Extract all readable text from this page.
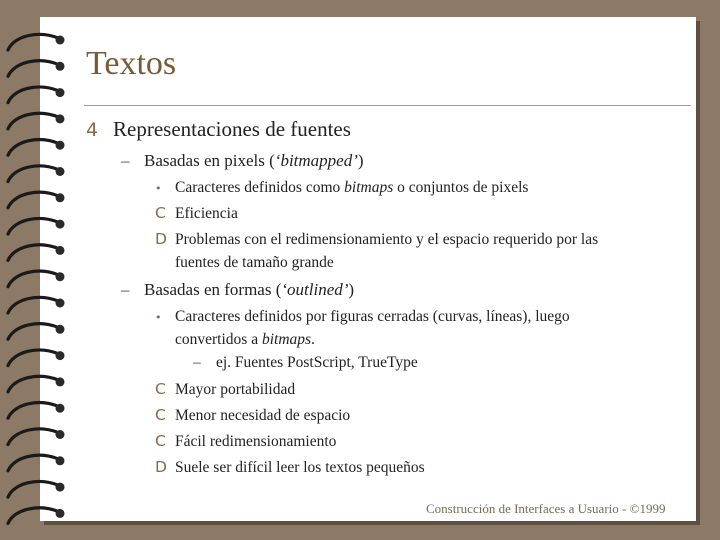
Textos
4 Representaciones de fuentes
– Basadas en pixels (‘bitmapped’)
• Caracteres definidos como bitmaps o conjuntos de pixels
C Eficiencia
D Problemas con el redimensionamiento y el espacio requerido por las
fuentes de tamaño grande
– Basadas en formas (‘outlined’)
• Caracteres definidos por figuras cerradas (curvas, líneas), luego
convertidos a bitmaps.
– ej. Fuentes PostScript, TrueType
C Mayor portabilidad
C Menor necesidad de espacio
C Fácil redimensionamiento
D Suele ser difícil leer los textos pequeños
Construcción de Interfaces a Usuario - ©1999
